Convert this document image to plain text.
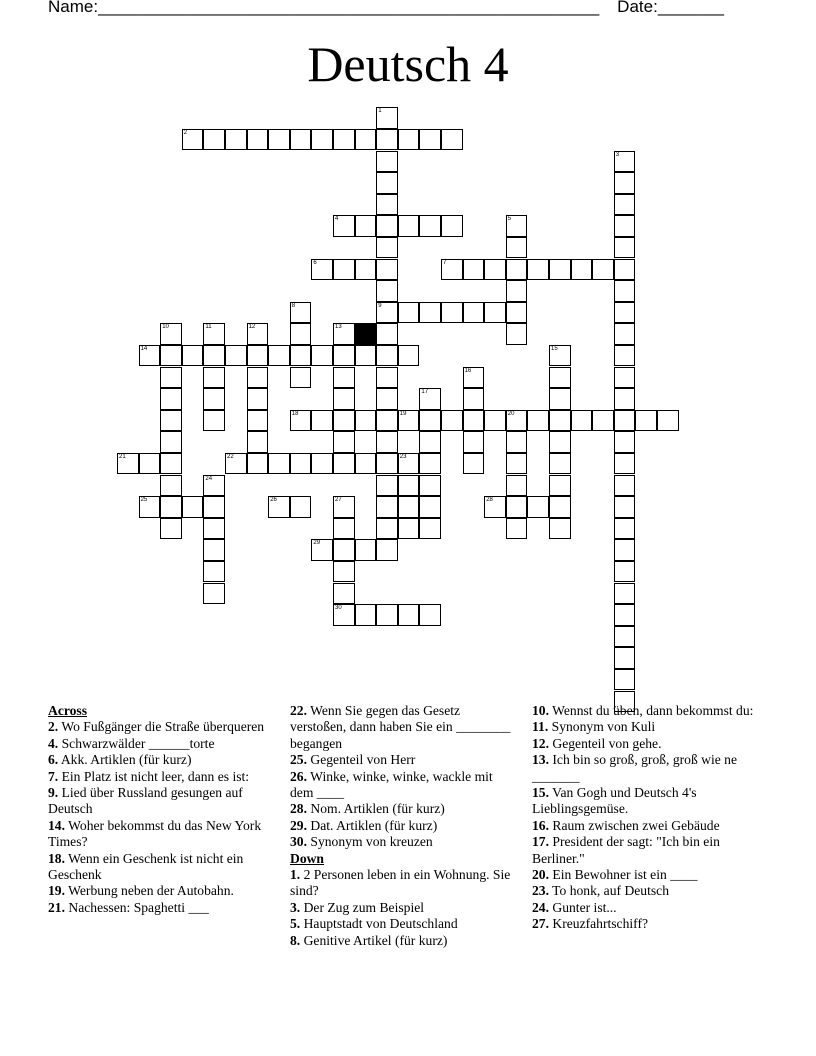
Name:_____________________________________________________ Date:_______
Deutsch 4
2
4
6	7
9
14
18	19	20
21	22
25	26	28
29
30
1
3
5
8
10	11	12	13
15
16
17
23
24
27
Across
2. Wo Fußgänger die Straße überqueren
4. Schwarzwälder ______torte
6. Akk. Artiklen (für kurz)
7. Ein Platz ist nicht leer, dann es ist:
9. Lied über Russland gesungen auf Deutsch
14. Woher bekommst du das New York Times?
18. Wenn ein Geschenk ist nicht ein Geschenk
19. Werbung neben der Autobahn.
21. Nachessen: Spaghetti ___
22. Wenn Sie gegen das Gesetz verstoßen, dann haben Sie ein ________ begangen
25. Gegenteil von Herr
26. Winke, winke, winke, wackle mit dem ____
28. Nom. Artiklen (für kurz)
29. Dat. Artiklen (für kurz)
30. Synonym von kreuzen
Down
1. 2 Personen leben in ein Wohnung. Sie sind?
3. Der Zug zum Beispiel
5. Hauptstadt von Deutschland
8. Genitive Artikel (für kurz)
10. Wennst du üben, dann bekommst du:
11. Synonym von Kuli
12. Gegenteil von gehe.
13. Ich bin so groß, groß, groß wie ne _______
15. Van Gogh und Deutsch 4's Lieblingsgemüse.
16. Raum zwischen zwei Gebäude
17. President der sagt: "Ich bin ein Berliner."
20. Ein Bewohner ist ein ____
23. To honk, auf Deutsch
24. Gunter ist...
27. Kreuzfahrtschiff?
